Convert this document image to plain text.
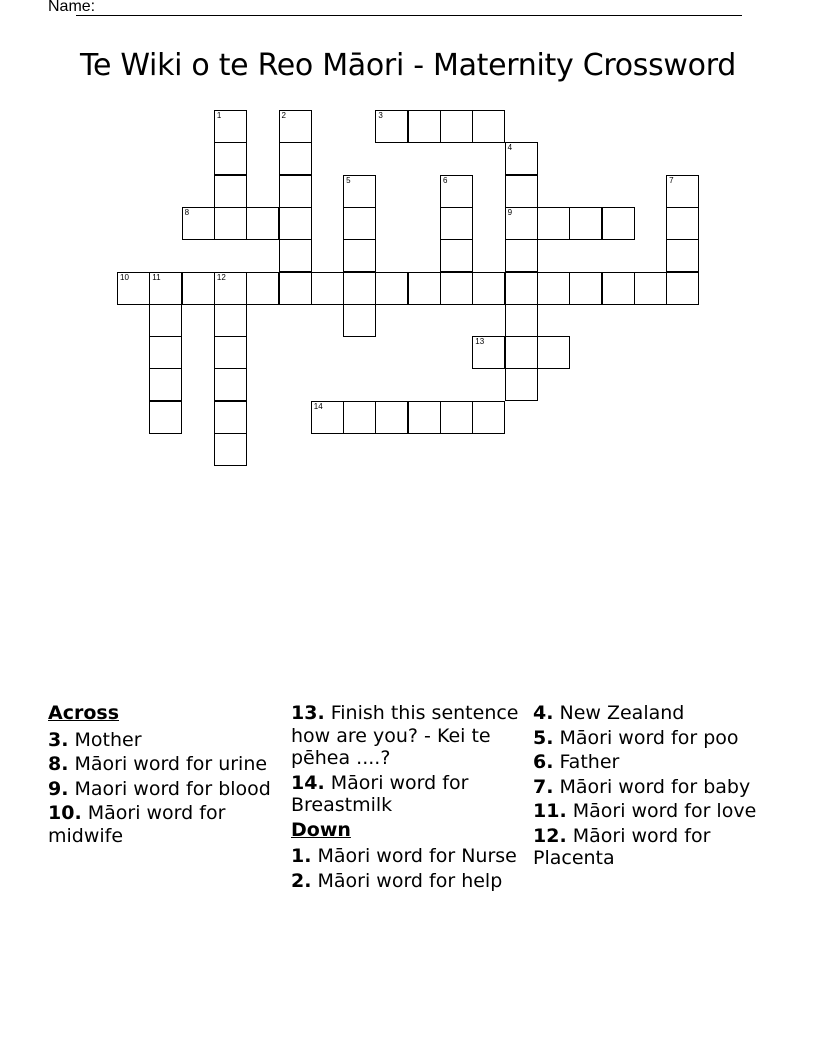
Name:
Te Wiki o te Reo Māori - Maternity Crossword
3
8	9
10	11	12
13
14
1	2
4
5	6	7
Across
3. Mother
8. Māori word for urine
9. Maori word for blood
10. Māori word for midwife
13. Finish this sentence how are you? - Kei te pēhea ....?
14. Māori word for Breastmilk
Down
1. Māori word for Nurse
2. Māori word for help
4. New Zealand
5. Māori word for poo
6. Father
7. Māori word for baby
11. Māori word for love
12. Māori word for Placenta
